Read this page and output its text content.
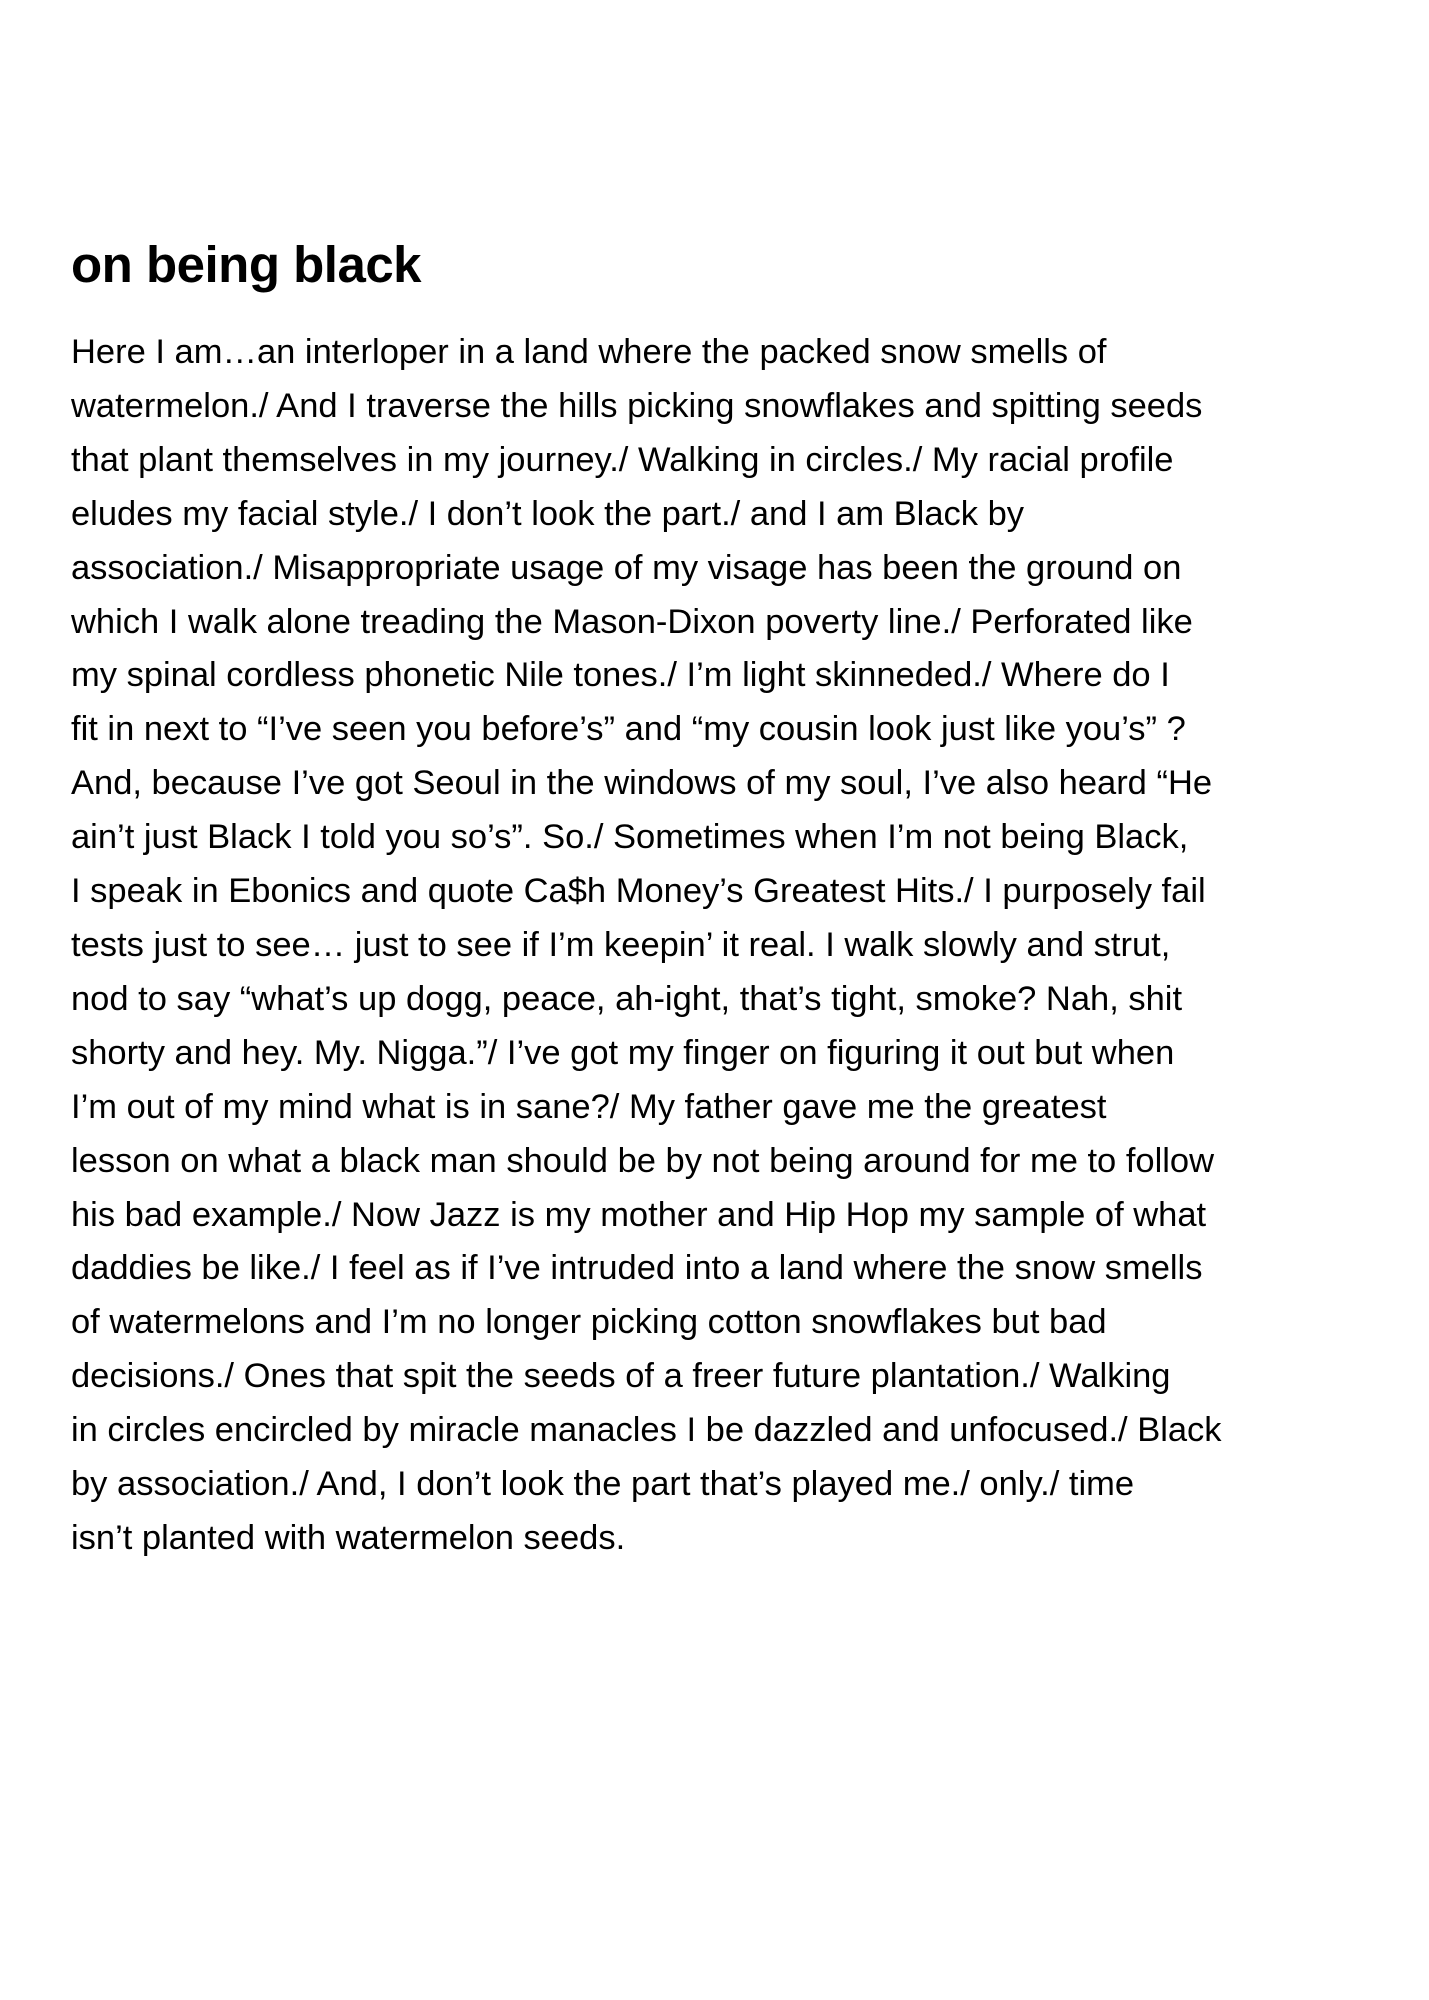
on being black
Here I am…an interloper in a land where the packed snow smells of
watermelon./ And I traverse the hills picking snowflakes and spitting seeds
that plant themselves in my journey./ Walking in circles./ My racial profile
eludes my facial style./ I don’t look the part./ and I am Black by
association./ Misappropriate usage of my visage has been the ground on
which I walk alone treading the Mason-Dixon poverty line./ Perforated like
my spinal cordless phonetic Nile tones./ I’m light skinneded./ Where do I
fit in next to “I’ve seen you before’s” and “my cousin look just like you’s” ?
And, because I’ve got Seoul in the windows of my soul, I’ve also heard “He
ain’t just Black I told you so’s”. So./ Sometimes when I’m not being Black,
I speak in Ebonics and quote Ca$h Money’s Greatest Hits./ I purposely fail
tests just to see… just to see if I’m keepin’ it real. I walk slowly and strut,
nod to say “what’s up dogg, peace, ah-ight, that’s tight, smoke? Nah, shit
shorty and hey. My. Nigga.”/ I’ve got my finger on figuring it out but when
I’m out of my mind what is in sane?/ My father gave me the greatest
lesson on what a black man should be by not being around for me to follow
his bad example./ Now Jazz is my mother and Hip Hop my sample of what
daddies be like./ I feel as if I’ve intruded into a land where the snow smells
of watermelons and I’m no longer picking cotton snowflakes but bad
decisions./ Ones that spit the seeds of a freer future plantation./ Walking
in circles encircled by miracle manacles I be dazzled and unfocused./ Black
by association./ And, I don’t look the part that’s played me./ only./ time
isn’t planted with watermelon seeds.
